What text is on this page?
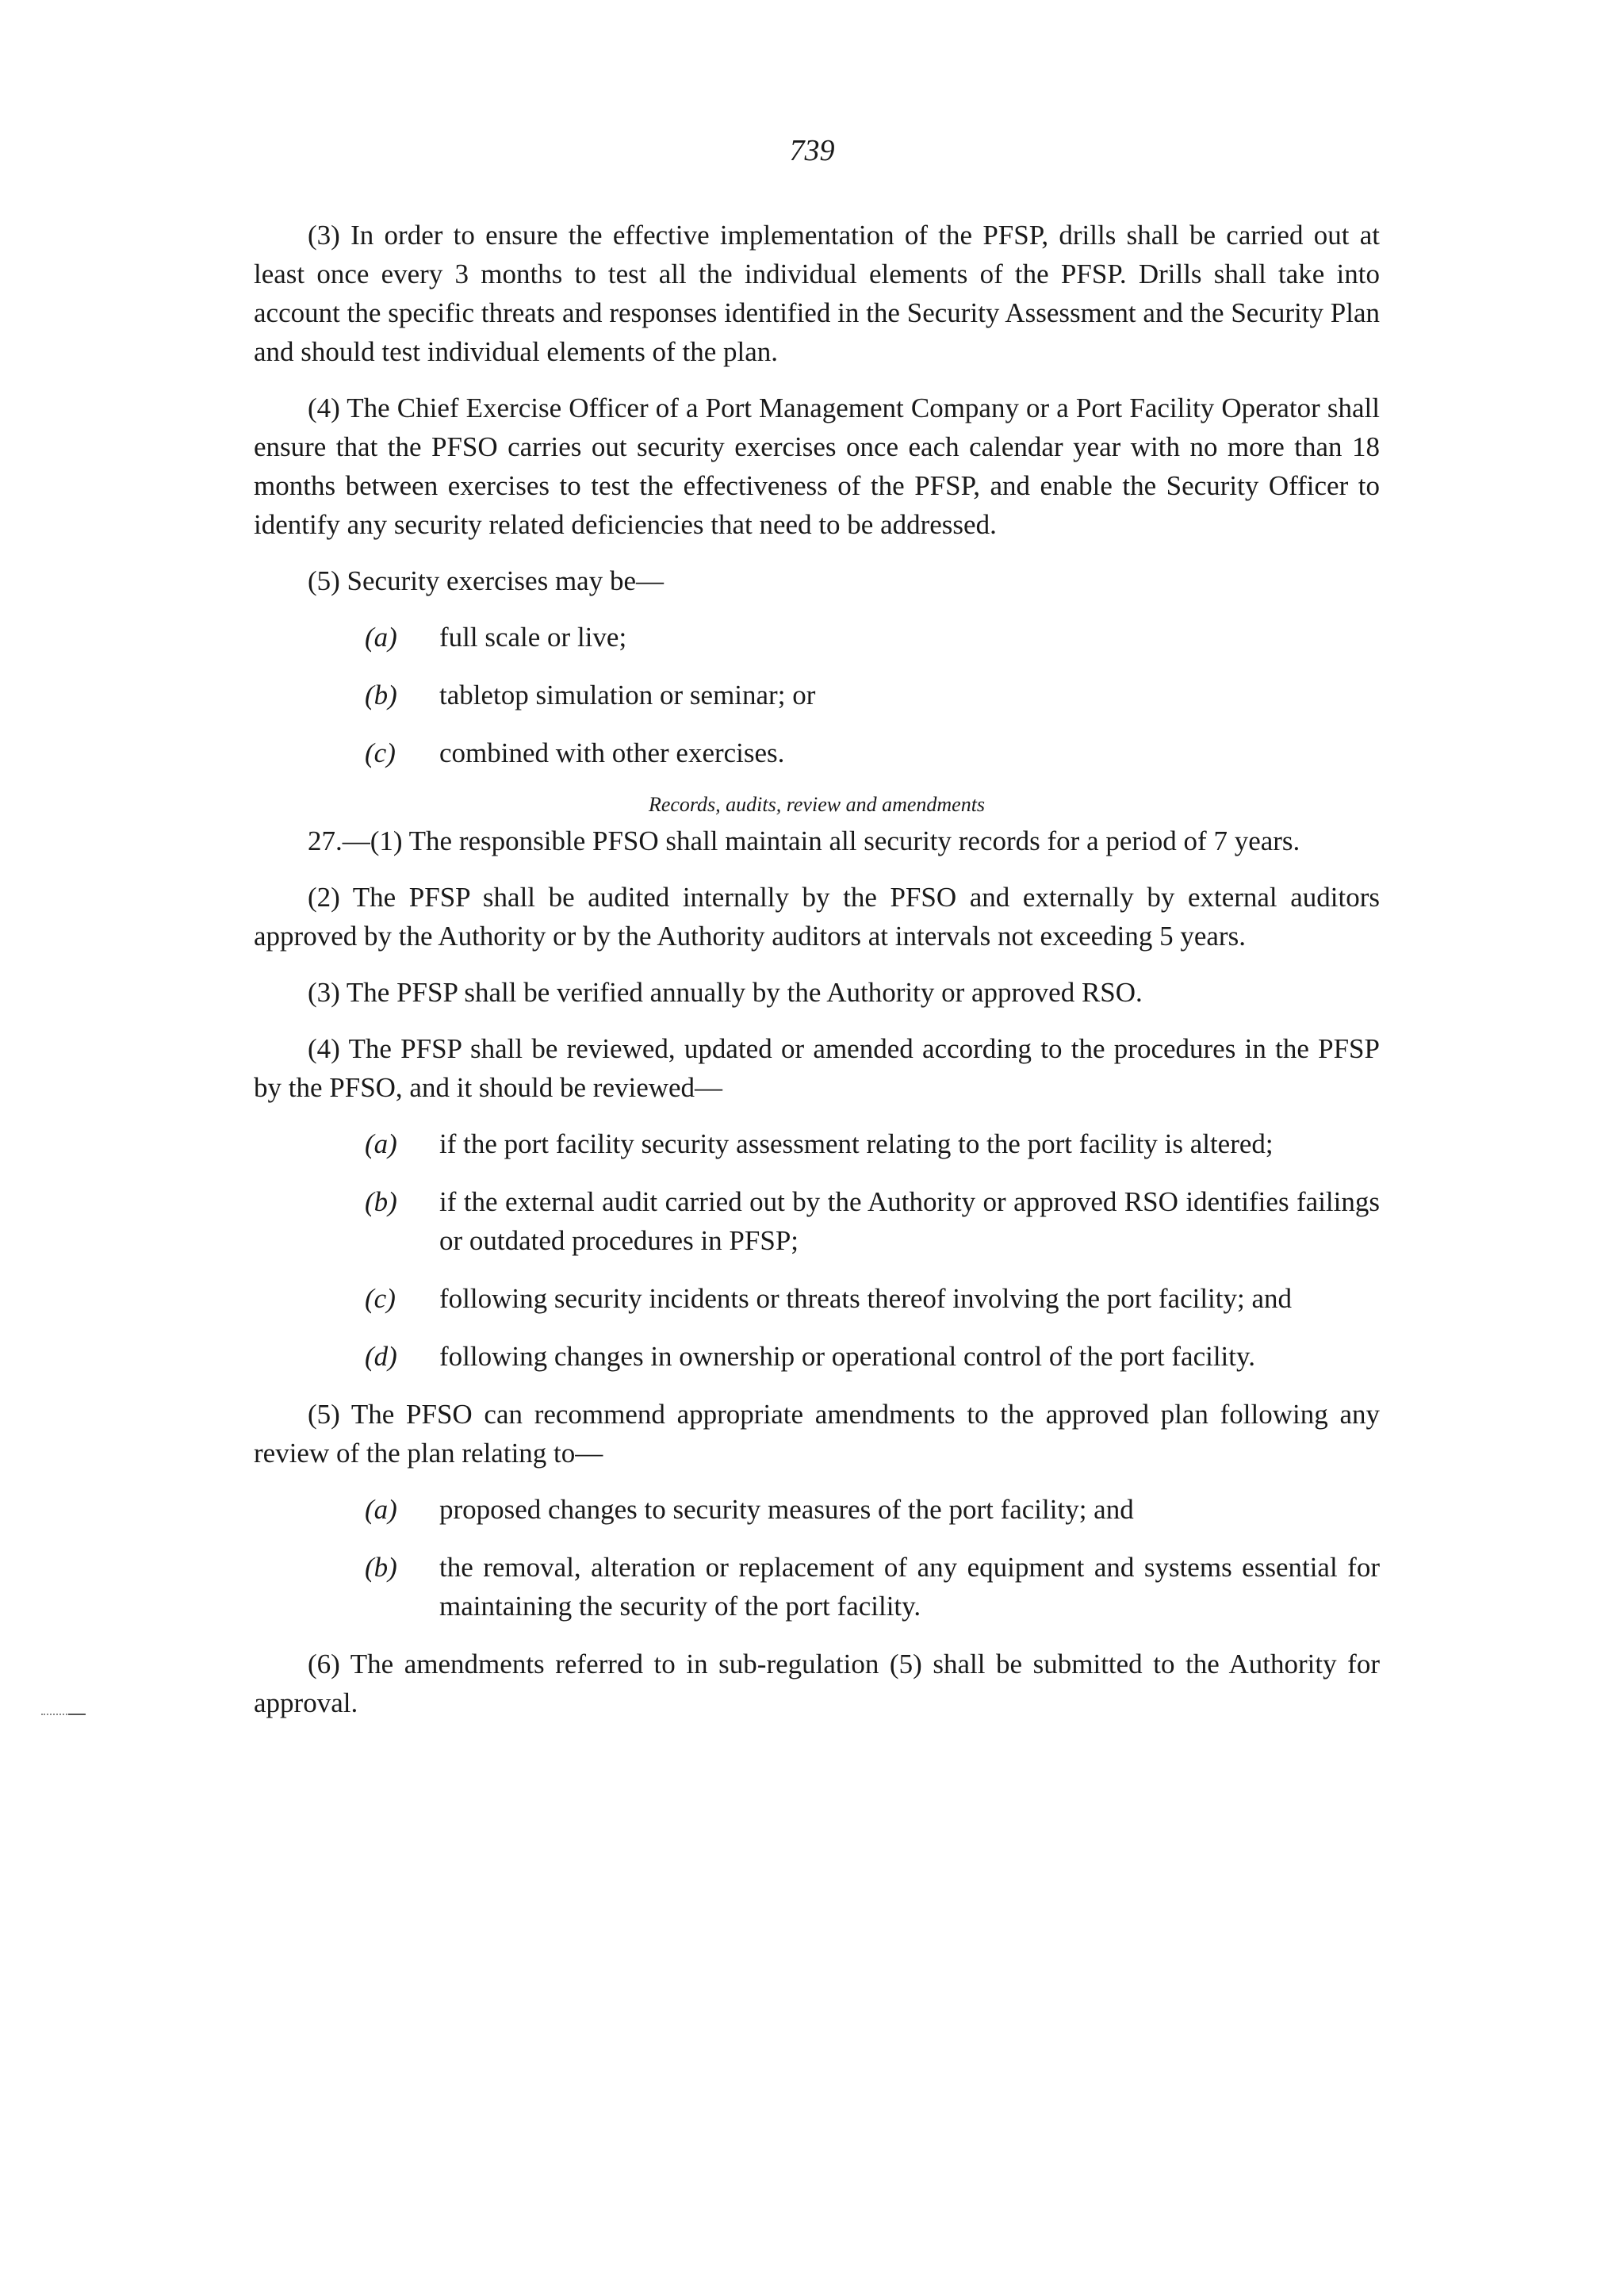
739

(3) In order to ensure the effective implementation of the PFSP, drills shall be carried out at least once every 3 months to test all the individual elements of the PFSP. Drills shall take into account the specific threats and responses identified in the Security Assessment and the Security Plan and should test individual elements of the plan.

(4) The Chief Exercise Officer of a Port Management Company or a Port Facility Operator shall ensure that the PFSO carries out security exercises once each calendar year with no more than 18 months between exercises to test the effectiveness of the PFSP, and enable the Security Officer to identify any security related deficiencies that need to be addressed.

(5) Security exercises may be—

(a)	full scale or live;
(b)	tabletop simulation or seminar; or
(c)	combined with other exercises.
Records, audits, review and amendments

27.—(1) The responsible PFSO shall maintain all security records for a period of 7 years.

(2) The PFSP shall be audited internally by the PFSO and externally by external auditors approved by the Authority or by the Authority auditors at intervals not exceeding 5 years.

(3) The PFSP shall be verified annually by the Authority or approved RSO.

(4) The PFSP shall be reviewed, updated or amended according to the procedures in the PFSP by the PFSO, and it should be reviewed—

(a)	if the port facility security assessment relating to the port facility is altered;
(b)	if the external audit carried out by the Authority or approved RSO identifies failings or outdated procedures in PFSP;
(c)	following security incidents or threats thereof involving the port facility; and
(d)	following changes in ownership or operational control of the port facility.

(5) The PFSO can recommend appropriate amendments to the approved plan following any review of the plan relating to—

(a)	proposed changes to security measures of the port facility; and
(b)	the removal, alteration or replacement of any equipment and systems essential for maintaining the security of the port facility.

(6) The amendments referred to in sub-regulation (5) shall be submitted to the Authority for approval.
